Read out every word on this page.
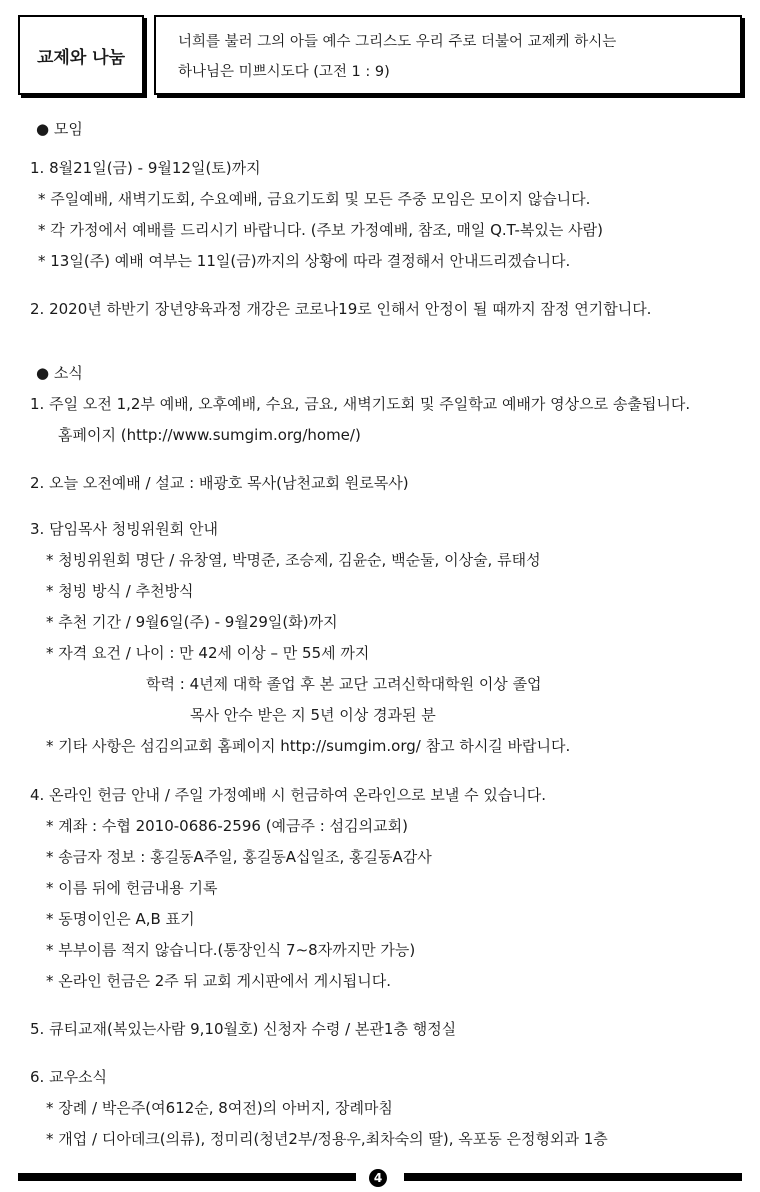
교제와 나눔
너희를 불러 그의 아들 예수 그리스도 우리 주로 더불어 교제케 하시는
하나님은 미쁘시도다 (고전 1 : 9)
● 모임
1. 8월21일(금) - 9월12일(토)까지
* 주일예배, 새벽기도회, 수요예배, 금요기도회 및 모든 주중 모임은 모이지 않습니다.
* 각 가정에서 예배를 드리시기 바랍니다. (주보 가정예배, 참조, 매일 Q.T-복있는 사람)
* 13일(주) 예배 여부는 11일(금)까지의 상황에 따라 결정해서 안내드리겠습니다.
2. 2020년 하반기 장년양육과정 개강은 코로나19로 인해서 안정이 될 때까지 잠정 연기합니다.
● 소식
1. 주일 오전 1,2부 예배, 오후예배, 수요, 금요, 새벽기도회 및 주일학교 예배가 영상으로 송출됩니다.
홈페이지 (http://www.sumgim.org/home/)
2. 오늘 오전예배 / 설교 : 배광호 목사(남천교회 원로목사)
3. 담임목사 청빙위원회 안내
* 청빙위원회 명단 / 유창열, 박명준, 조승제, 김윤순, 백순둘, 이상술, 류태성
* 청빙 방식 / 추천방식
* 추천 기간 / 9월6일(주) - 9월29일(화)까지
* 자격 요건 / 나이 : 만 42세 이상 – 만 55세 까지
학력 : 4년제 대학 졸업 후 본 교단 고려신학대학원 이상 졸업
목사 안수 받은 지 5년 이상 경과된 분
* 기타 사항은 섬김의교회 홈페이지 http://sumgim.org/ 참고 하시길 바랍니다.
4. 온라인 헌금 안내 / 주일 가정예배 시 헌금하여 온라인으로 보낼 수 있습니다.
* 계좌 : 수협 2010-0686-2596 (예금주 : 섬김의교회)
* 송금자 정보 : 홍길동A주일, 홍길동A십일조, 홍길동A감사
* 이름 뒤에 헌금내용 기록
* 동명이인은 A,B 표기
* 부부이름 적지 않습니다.(통장인식 7∼8자까지만 가능)
* 온라인 헌금은 2주 뒤 교회 게시판에서 게시됩니다.
5. 큐티교재(복있는사람 9,10월호) 신청자 수령 / 본관1층 행정실
6. 교우소식
* 장례 / 박은주(여612순, 8여전)의 아버지, 장례마침
* 개업 / 디아데크(의류), 정미리(청년2부/정용우,최차숙의 딸), 옥포동 은정형외과 1층
4
